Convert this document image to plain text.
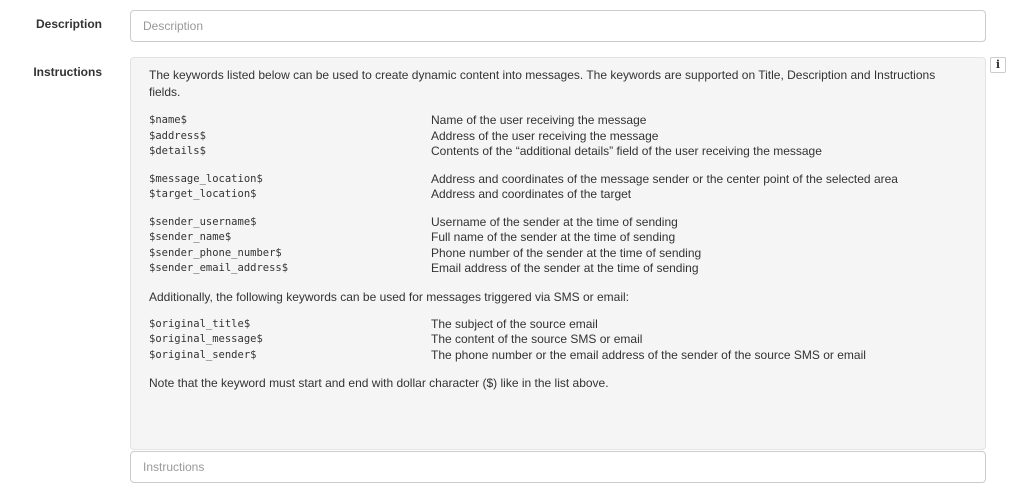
Description
Description
Instructions	The keywords listed below can be used to create dynamic content into messages. The keywords are supported on Title, Description and Instructions fields.

$name$	Name of the user receiving the message
$address$	Address of the user receiving the message
$details$	Contents of the “additional details” field of the user receiving the message
$message_location$	Address and coordinates of the message sender or the center point of the selected area
$target_location$	Address and coordinates of the target
$sender_username$	Username of the sender at the time of sending
$sender_name$	Full name of the sender at the time of sending
$sender_phone_number$	Phone number of the sender at the time of sending
$sender_email_address$	Email address of the sender at the time of sending

Additionally, the following keywords can be used for messages triggered via SMS or email:

$original_title$	The subject of the source email
$original_message$	The content of the source SMS or email
$original_sender$	The phone number or the email address of the sender of the source SMS or email

Note that the keyword must start and end with dollar character ($) like in the list above.

i
Instructions
